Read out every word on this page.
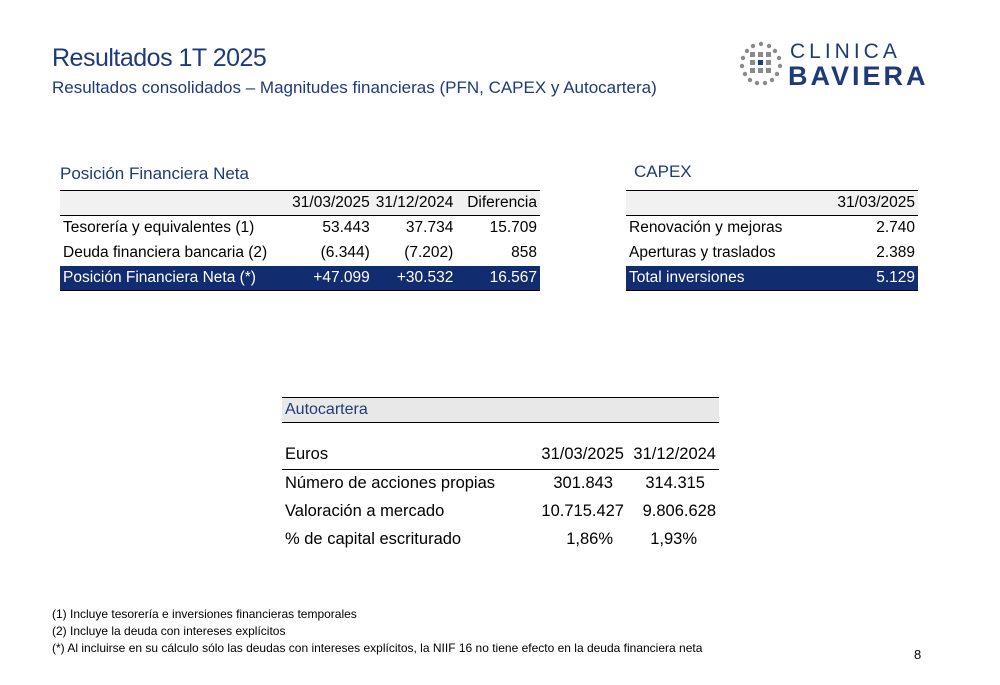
Resultados 1T 2025
Resultados consolidados – Magnitudes financieras (PFN, CAPEX y Autocartera)
CLINICA
BAVIERA
Posición Financiera Neta
	31/03/2025	31/12/2024	Diferencia
Tesorería y equivalentes (1)	53.443	37.734	15.709
Deuda financiera bancaria (2)	(6.344)	(7.202)	858
Posición Financiera Neta (*)	+47.099	+30.532	16.567
CAPEX
	31/03/2025
Renovación y mejoras	2.740
Aperturas y traslados	2.389
Total inversiones	5.129
Autocartera
Euros	31/03/2025	31/12/2024
Número de acciones propias	301.843	314.315
Valoración a mercado	10.715.427	9.806.628
% de capital escriturado	1,86%	1,93%
(1) Incluye tesorería e inversiones financieras temporales
(2) Incluye la deuda con intereses explícitos
(*) Al incluirse en su cálculo sólo las deudas con intereses explícitos, la NIIF 16 no tiene efecto en la deuda financiera neta	8
